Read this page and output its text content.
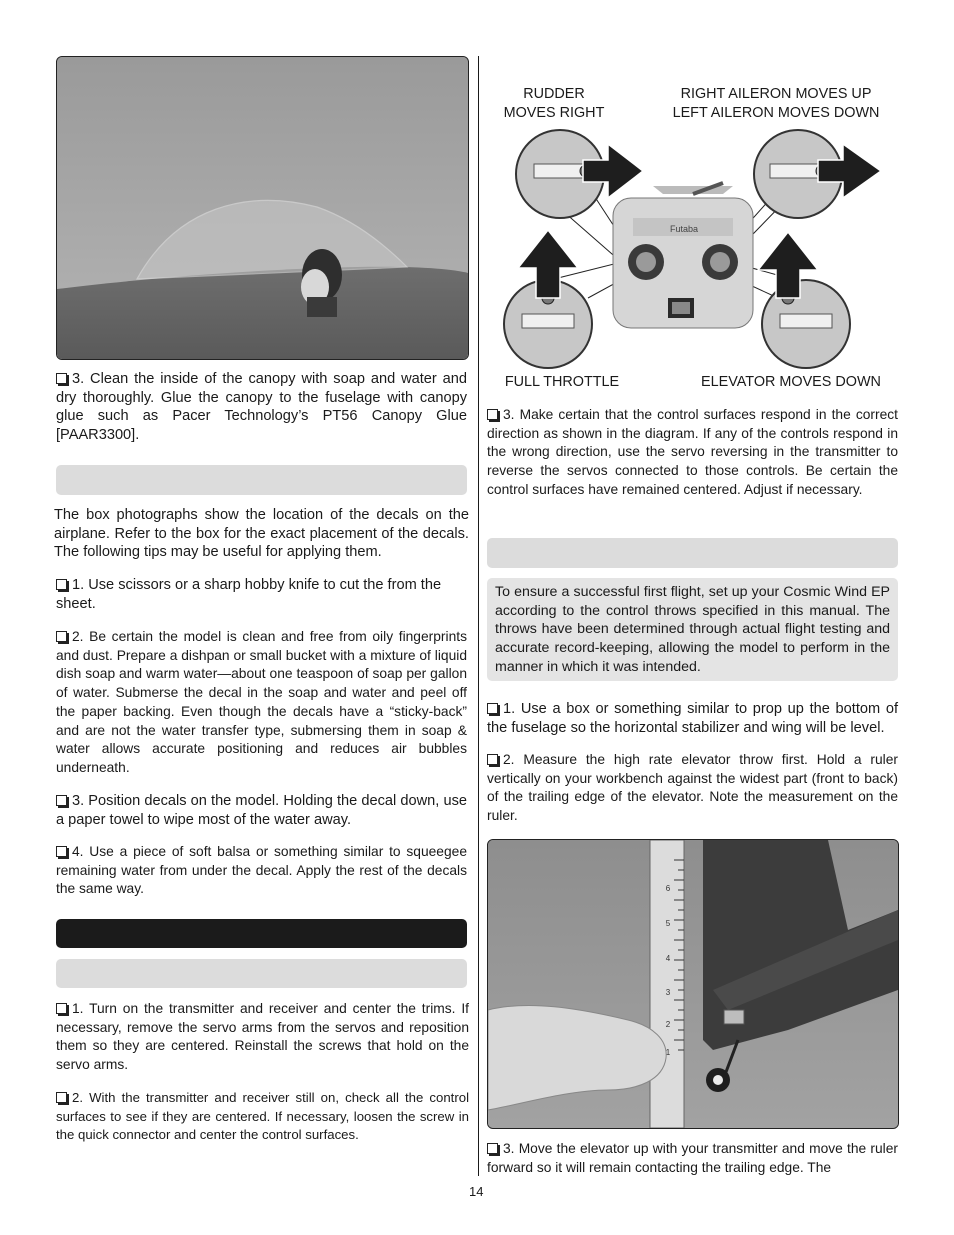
3. Clean the inside of the canopy with soap and water and dry thoroughly. Glue the canopy to the fuselage with canopy glue such as Pacer Technology’s PT56 Canopy Glue [PAAR3300].
The box photographs show the location of the decals on the airplane. Refer to the box for the exact placement of the decals. The following tips may be useful for applying them.
1. Use scissors or a sharp hobby knife to cut the from the sheet.
2. Be certain the model is clean and free from oily fingerprints and dust. Prepare a dishpan or small bucket with a mixture of liquid dish soap and warm water—about one teaspoon of soap per gallon of water. Submerse the decal in the soap and water and peel off the paper backing. Even though the decals have a “sticky-back” and are not the water transfer type, submersing them in soap & water allows accurate positioning and reduces air bubbles underneath.
3. Position decals on the model. Holding the decal down, use a paper towel to wipe most of the water away.
4. Use a piece of soft balsa or something similar to squeegee remaining water from under the decal. Apply the rest of the decals the same way.
1. Turn on the transmitter and receiver and center the trims. If necessary, remove the servo arms from the servos and reposition them so they are centered. Reinstall the screws that hold on the servo arms.
2. With the transmitter and receiver still on, check all the control surfaces to see if they are centered. If necessary, loosen the screw in the quick connector and center the control surfaces.
RUDDER
MOVES RIGHT
RIGHT AILERON MOVES UP
LEFT AILERON MOVES DOWN
Futaba
FULL THROTTLE	ELEVATOR MOVES DOWN
3. Make certain that the control surfaces respond in the correct direction as shown in the diagram. If any of the controls respond in the wrong direction, use the servo reversing in the transmitter to reverse the servos connected to those controls. Be certain the control surfaces have remained centered. Adjust if necessary.
To ensure a successful first flight, set up your Cosmic Wind EP according to the control throws specified in this manual. The throws have been determined through actual flight testing and accurate record-keeping, allowing the model to perform in the manner in which it was intended.
1. Use a box or something similar to prop up the bottom of the fuselage so the horizontal stabilizer and wing will be level.
2. Measure the high rate elevator throw first. Hold a ruler vertically on your workbench against the widest part (front to back) of the trailing edge of the elevator. Note the measurement on the ruler.
1
2
3
4
5
6
3. Move the elevator up with your transmitter and move the ruler forward so it will remain contacting the trailing edge. The
14
